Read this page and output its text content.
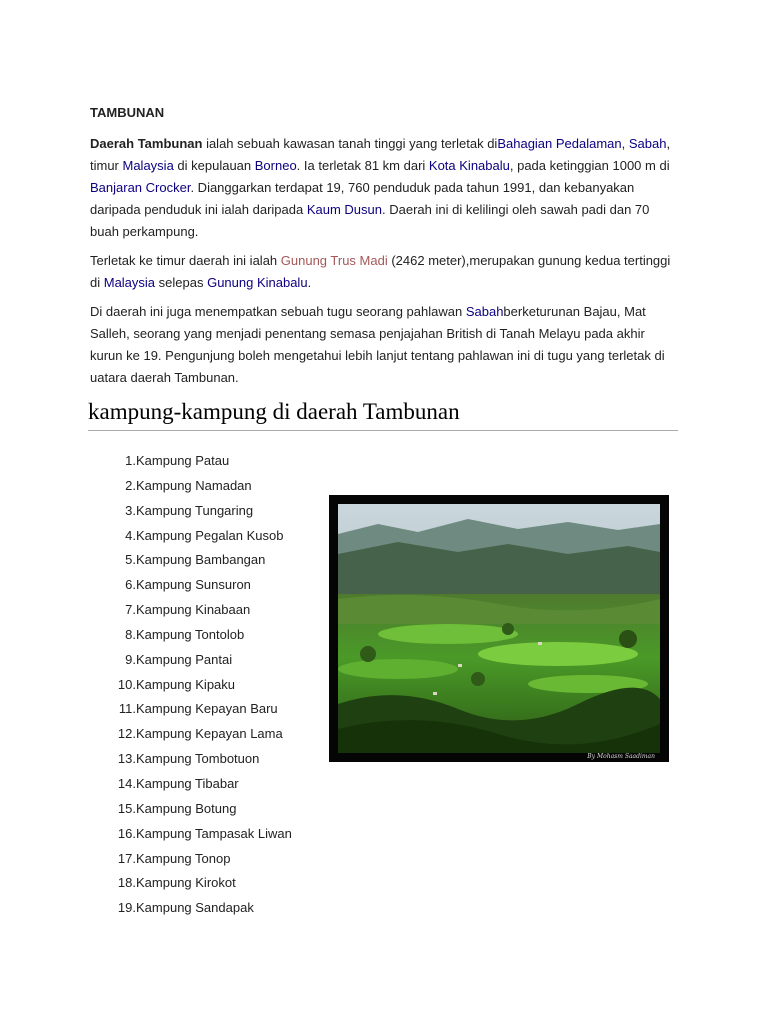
TAMBUNAN

Daerah Tambunan ialah sebuah kawasan tanah tinggi yang terletak diBahagian Pedalaman, Sabah, timur Malaysia di kepulauan Borneo. Ia terletak 81 km dari Kota Kinabalu, pada ketinggian 1000 m di Banjaran Crocker. Dianggarkan terdapat 19, 760 penduduk pada tahun 1991, dan kebanyakan daripada penduduk ini ialah daripada Kaum Dusun. Daerah ini di kelilingi oleh sawah padi dan 70 buah perkampung.

Terletak ke timur daerah ini ialah Gunung Trus Madi (2462 meter),merupakan gunung kedua tertinggi di Malaysia selepas Gunung Kinabalu.

Di daerah ini juga menempatkan sebuah tugu seorang pahlawan Sabahberketurunan Bajau, Mat Salleh, seorang yang menjadi penentang semasa penjajahan British di Tanah Melayu pada akhir kurun ke 19. Pengunjung boleh mengetahui lebih lanjut tentang pahlawan ini di tugu yang terletak di uatara daerah Tambunan.

kampung-kampung di daerah Tambunan
1. Kampung Patau
2. Kampung Namadan
3. Kampung Tungaring
4. Kampung Pegalan Kusob
5. Kampung Bambangan
6. Kampung Sunsuron
7. Kampung Kinabaan
8. Kampung Tontolob
9. Kampung Pantai
10. Kampung Kipaku
11. Kampung Kepayan Baru
12. Kampung Kepayan Lama
13. Kampung Tombotuon
14. Kampung Tibabar
15. Kampung Botung
16. Kampung Tampasak Liwan
17. Kampung Tonop
18. Kampung Kirokot
19. Kampung Sandapak
By Mohasm Saadiman
